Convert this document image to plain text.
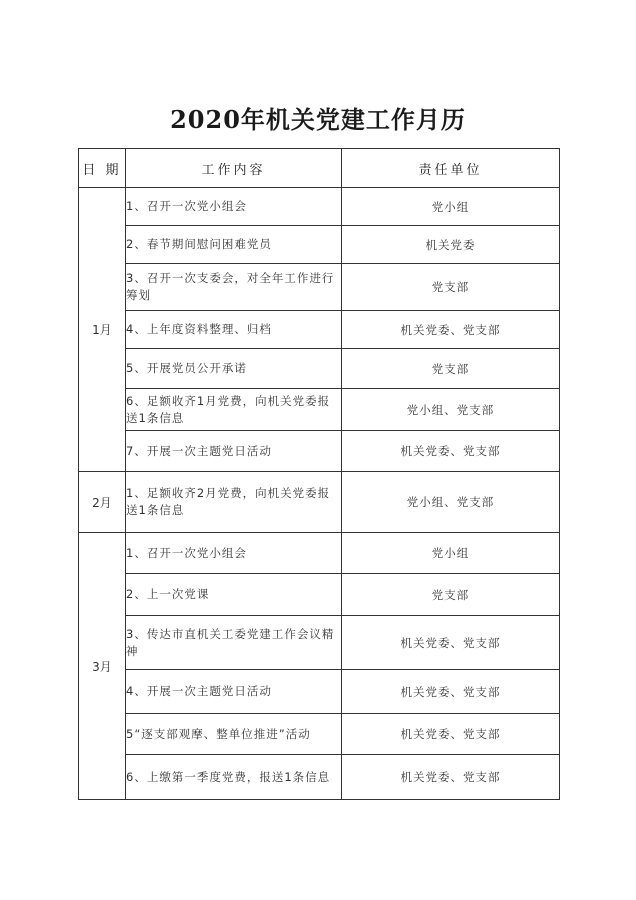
2020年机关党建工作月历
日 期	工作内容	责任单位
1月	1、召开一次党小组会	党小组
	2、春节期间慰问困难党员	机关党委
	3、召开一次支委会，对全年工作进行筹划	党支部
	4、上年度资料整理、归档	机关党委、党支部
	5、开展党员公开承诺	党支部
	6、足额收齐1月党费，向机关党委报送1条信息	党小组、党支部
	7、开展一次主题党日活动	机关党委、党支部
2月	1、足额收齐2月党费，向机关党委报送1条信息	党小组、党支部
3月	1、召开一次党小组会	党小组
	2、上一次党课	党支部
	3、传达市直机关工委党建工作会议精神	机关党委、党支部
	4、开展一次主题党日活动	机关党委、党支部
	5“逐支部观摩、整单位推进”活动	机关党委、党支部
	6、上缴第一季度党费，报送1条信息	机关党委、党支部
